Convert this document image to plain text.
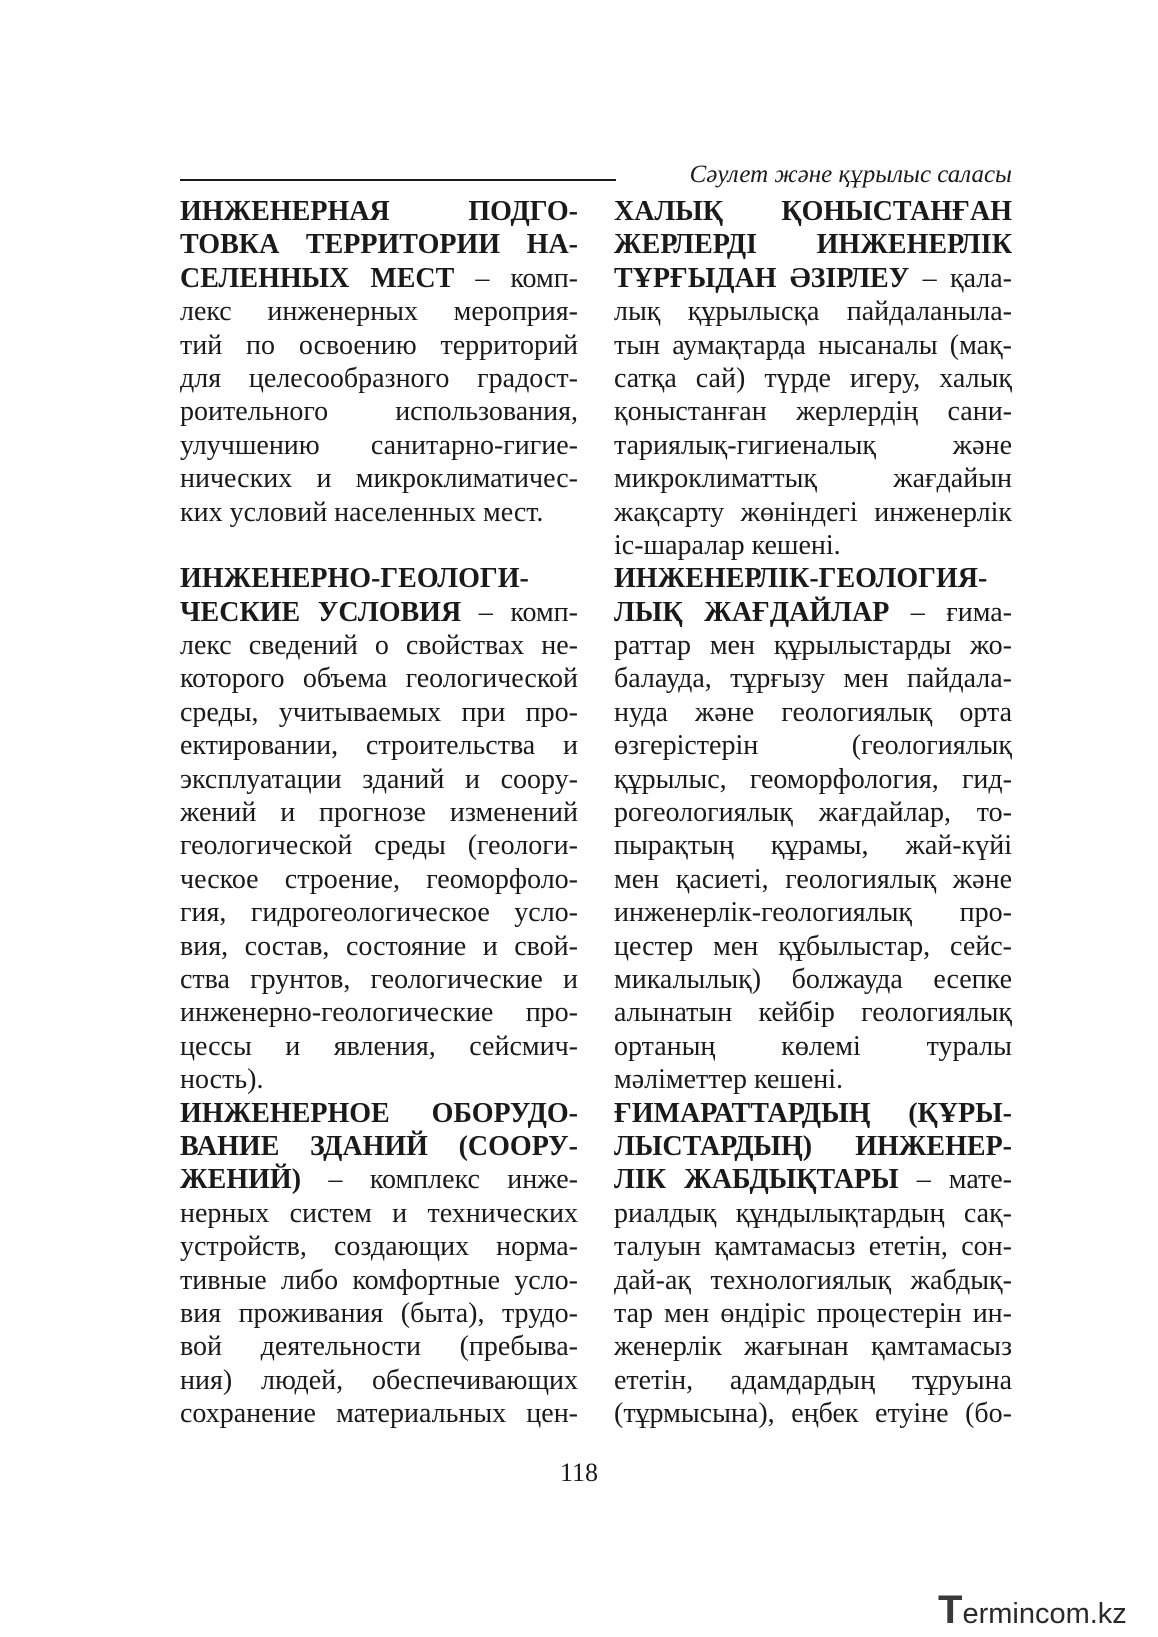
Сəулет жəне құрылыс саласы
ИНЖЕНЕРНАЯ ПОДГО-
ТОВКА ТЕРРИТОРИИ НА-
СЕЛЕННЫХ МЕСТ – комп-
лекс инженерных мероприя-
тий по освоению территорий
для целесообразного градост-
роительного использования,
улучшению санитарно-гигие-
нических и микроклиматичес-
ких условий населенных мест.
ИНЖЕНЕРНО-ГЕОЛОГИ-
ЧЕСКИЕ УСЛОВИЯ – комп-
лекс сведений о свойствах не-
которого объема геологической
среды, учитываемых при про-
ектировании, строительства и
эксплуатации зданий и соору-
жений и прогнозе изменений
геологической среды (геологи-
ческое строение, геоморфоло-
гия, гидрогеологическое усло-
вия, состав, состояние и свой-
ства грунтов, геологические и
инженерно-геологические про-
цессы и явления, сейсмич-
ность).
ИНЖЕНЕРНОЕ ОБОРУДО-
ВАНИЕ ЗДАНИЙ (СООРУ-
ЖЕНИЙ) – комплекс инже-
нерных систем и технических
устройств, создающих норма-
тивные либо комфортные усло-
вия проживания (быта), трудо-
вой деятельности (пребыва-
ния) людей, обеспечивающих
сохранение материальных цен-
ХАЛЫҚ ҚОНЫСТАНҒАН
ЖЕРЛЕРДІ ИНЖЕНЕРЛІК
ТҰРҒЫДАН ƏЗІРЛЕУ – қала-
лық құрылысқа пайдаланыла-
тын аумақтарда нысаналы (мақ-
сатқа сай) түрде игеру, халық
қоныстанған жерлердің сани-
тариялық-гигиеналық жəне
микроклиматтық жағдайын
жақсарту жөніндегі инженерлік
іс-шаралар кешені.
ИНЖЕНЕРЛІК-ГЕОЛОГИЯ-
ЛЫҚ ЖАҒДАЙЛАР – ғима-
раттар мен құрылыстарды жо-
балауда, тұрғызу мен пайдала-
нуда жəне геологиялық орта
өзгерістерін (геологиялық
құрылыс, геоморфология, гид-
рогеологиялық жағдайлар, то-
пырақтың құрамы, жай-күйі
мен қасиеті, геологиялық жəне
инженерлік-геологиялық про-
цестер мен құбылыстар, сейс-
микалылық) болжауда есепке
алынатын кейбір геологиялық
ортаның көлемі туралы
мəліметтер кешені.
ҒИМАРАТТАРДЫҢ (ҚҰРЫ-
ЛЫСТАРДЫҢ) ИНЖЕНЕР-
ЛІК ЖАБДЫҚТАРЫ – мате-
риалдық құндылықтардың сақ-
талуын қамтамасыз ететін, сон-
дай-ақ технологиялық жабдық-
тар мен өндіріс процестерін ин-
женерлік жағынан қамтамасыз
ететін, адамдардың тұруына
(тұрмысына), еңбек етуіне (бо-
118
Termincom.kz
